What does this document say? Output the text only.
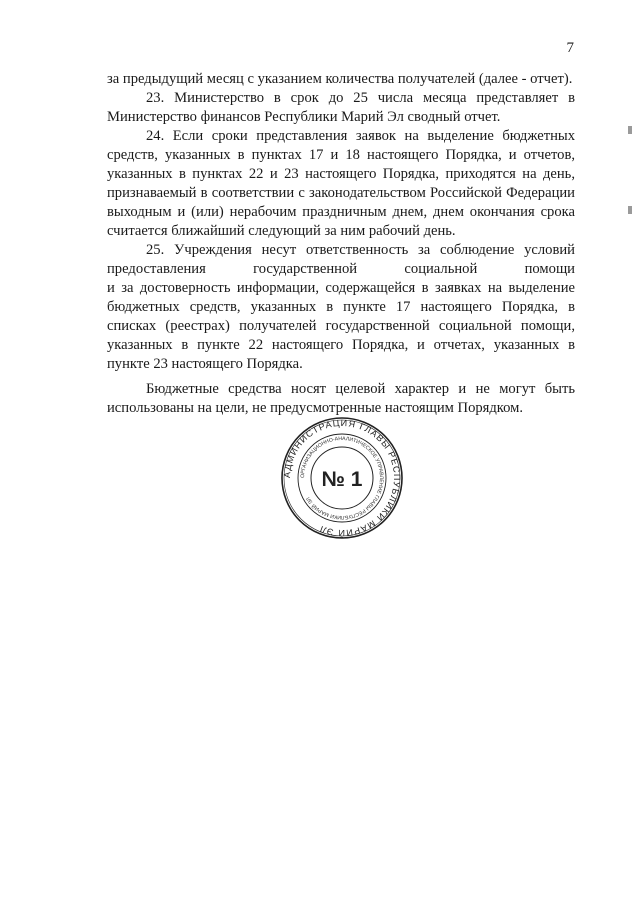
7

за предыдущий месяц с указанием количества получателей (далее - отчет).

23. Министерство в срок до 25 числа месяца представляет в Министерство финансов Республики Марий Эл сводный отчет.

24. Если сроки представления заявок на выделение бюджетных средств, указанных в пунктах 17 и 18 настоящего Порядка, и отчетов, указанных в пунктах 22 и 23 настоящего Порядка, приходятся на день, признаваемый в соответствии с законодательством Российской Федерации выходным и (или) нерабочим праздничным днем, днем окончания срока считается ближайший следующий за ним рабочий день.

25. Учреждения несут ответственность за соблюдение условий предоставления государственной социальной помощи

и за достоверность информации, содержащейся в заявках на выделение бюджетных средств, указанных в пункте 17 настоящего Порядка, в списках (реестрах) получателей государственной социальной помощи, указанных в пункте 22 настоящего Порядка, и отчетах, указанных в пункте 23 настоящего Порядка.

Бюджетные средства носят целевой характер и не могут быть использованы на цели, не предусмотренные настоящим Порядком.

АДМИНИСТРАЦИЯ ГЛАВЫ РЕСПУБЛИКИ МАРИЙ ЭЛ
ОРГАНИЗАЦИОННО-АНАЛИТИЧЕСКОЕ УПРАВЛЕНИЕ ГЛАВЫ РЕСПУБЛИКИ МАРИЙ ЭЛ
№ 1
